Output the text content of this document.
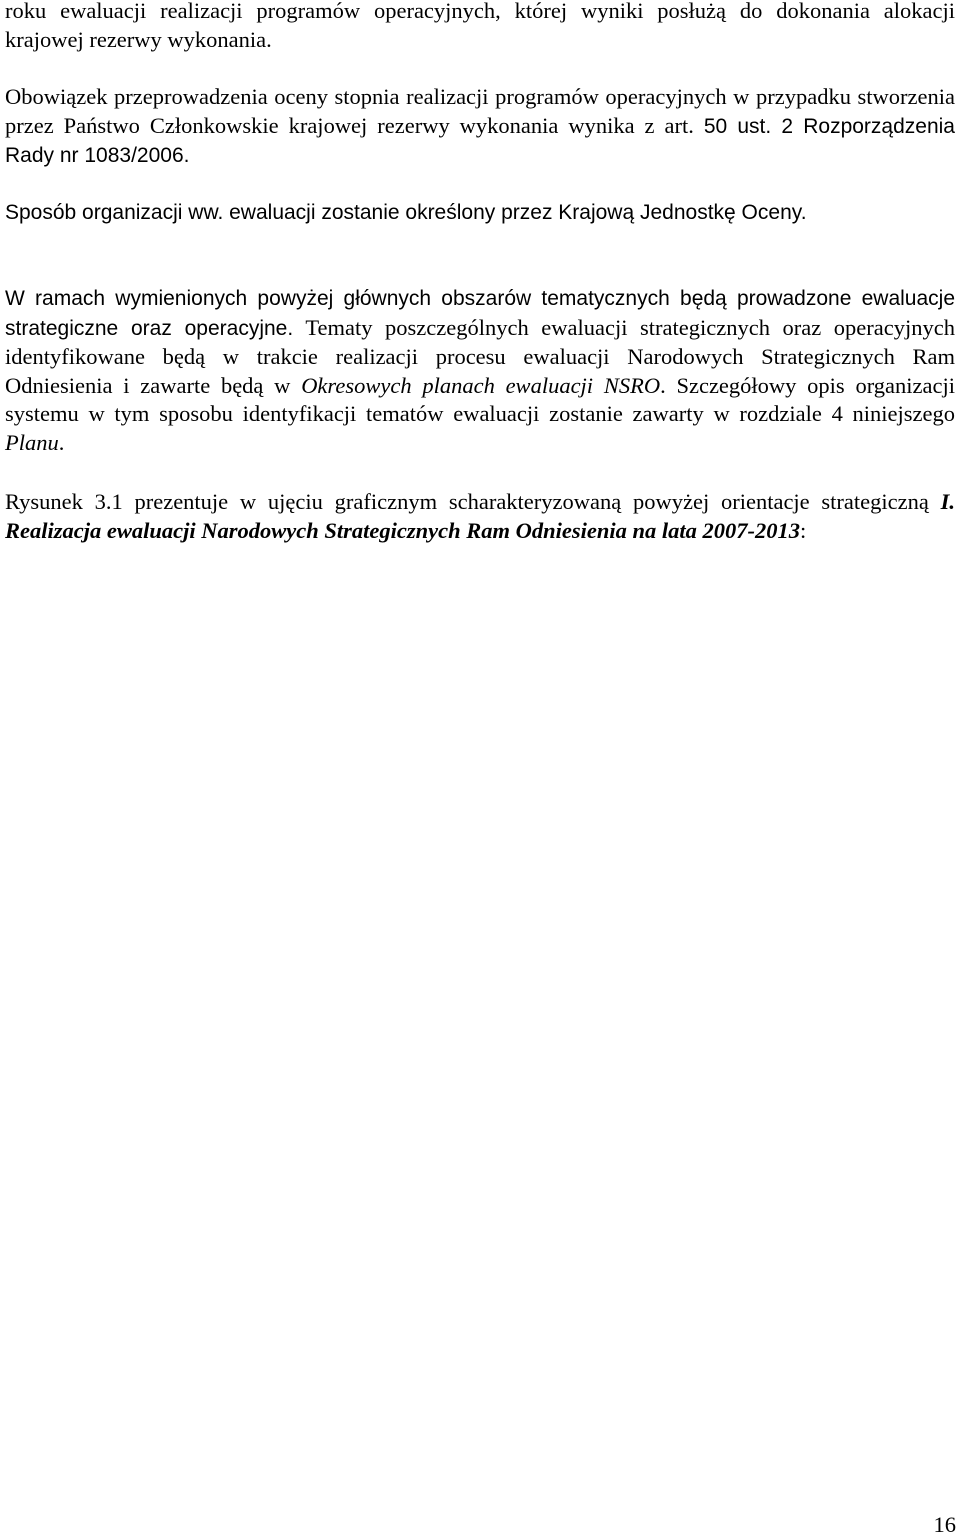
roku ewaluacji realizacji programów operacyjnych, której wyniki posłużą do dokonania alokacji krajowej rezerwy wykonania.

Obowiązek przeprowadzenia oceny stopnia realizacji programów operacyjnych w przypadku stworzenia przez Państwo Członkowskie krajowej rezerwy wykonania wynika z art. 50 ust. 2 Rozporządzenia Rady nr 1083/2006.

Sposób organizacji ww. ewaluacji zostanie określony przez Krajową Jednostkę Oceny.

W ramach wymienionych powyżej głównych obszarów tematycznych będą prowadzone ewaluacje strategiczne oraz operacyjne. Tematy poszczególnych ewaluacji strategicznych oraz operacyjnych identyfikowane będą w trakcie realizacji procesu ewaluacji Narodowych Strategicznych Ram Odniesienia i zawarte będą w Okresowych planach ewaluacji NSRO. Szczegółowy opis organizacji systemu w tym sposobu identyfikacji tematów ewaluacji zostanie zawarty w rozdziale 4 niniejszego Planu.

Rysunek 3.1 prezentuje w ujęciu graficznym scharakteryzowaną powyżej orientacje strategiczną I. Realizacja ewaluacji Narodowych Strategicznych Ram Odniesienia na lata 2007-2013:

16
